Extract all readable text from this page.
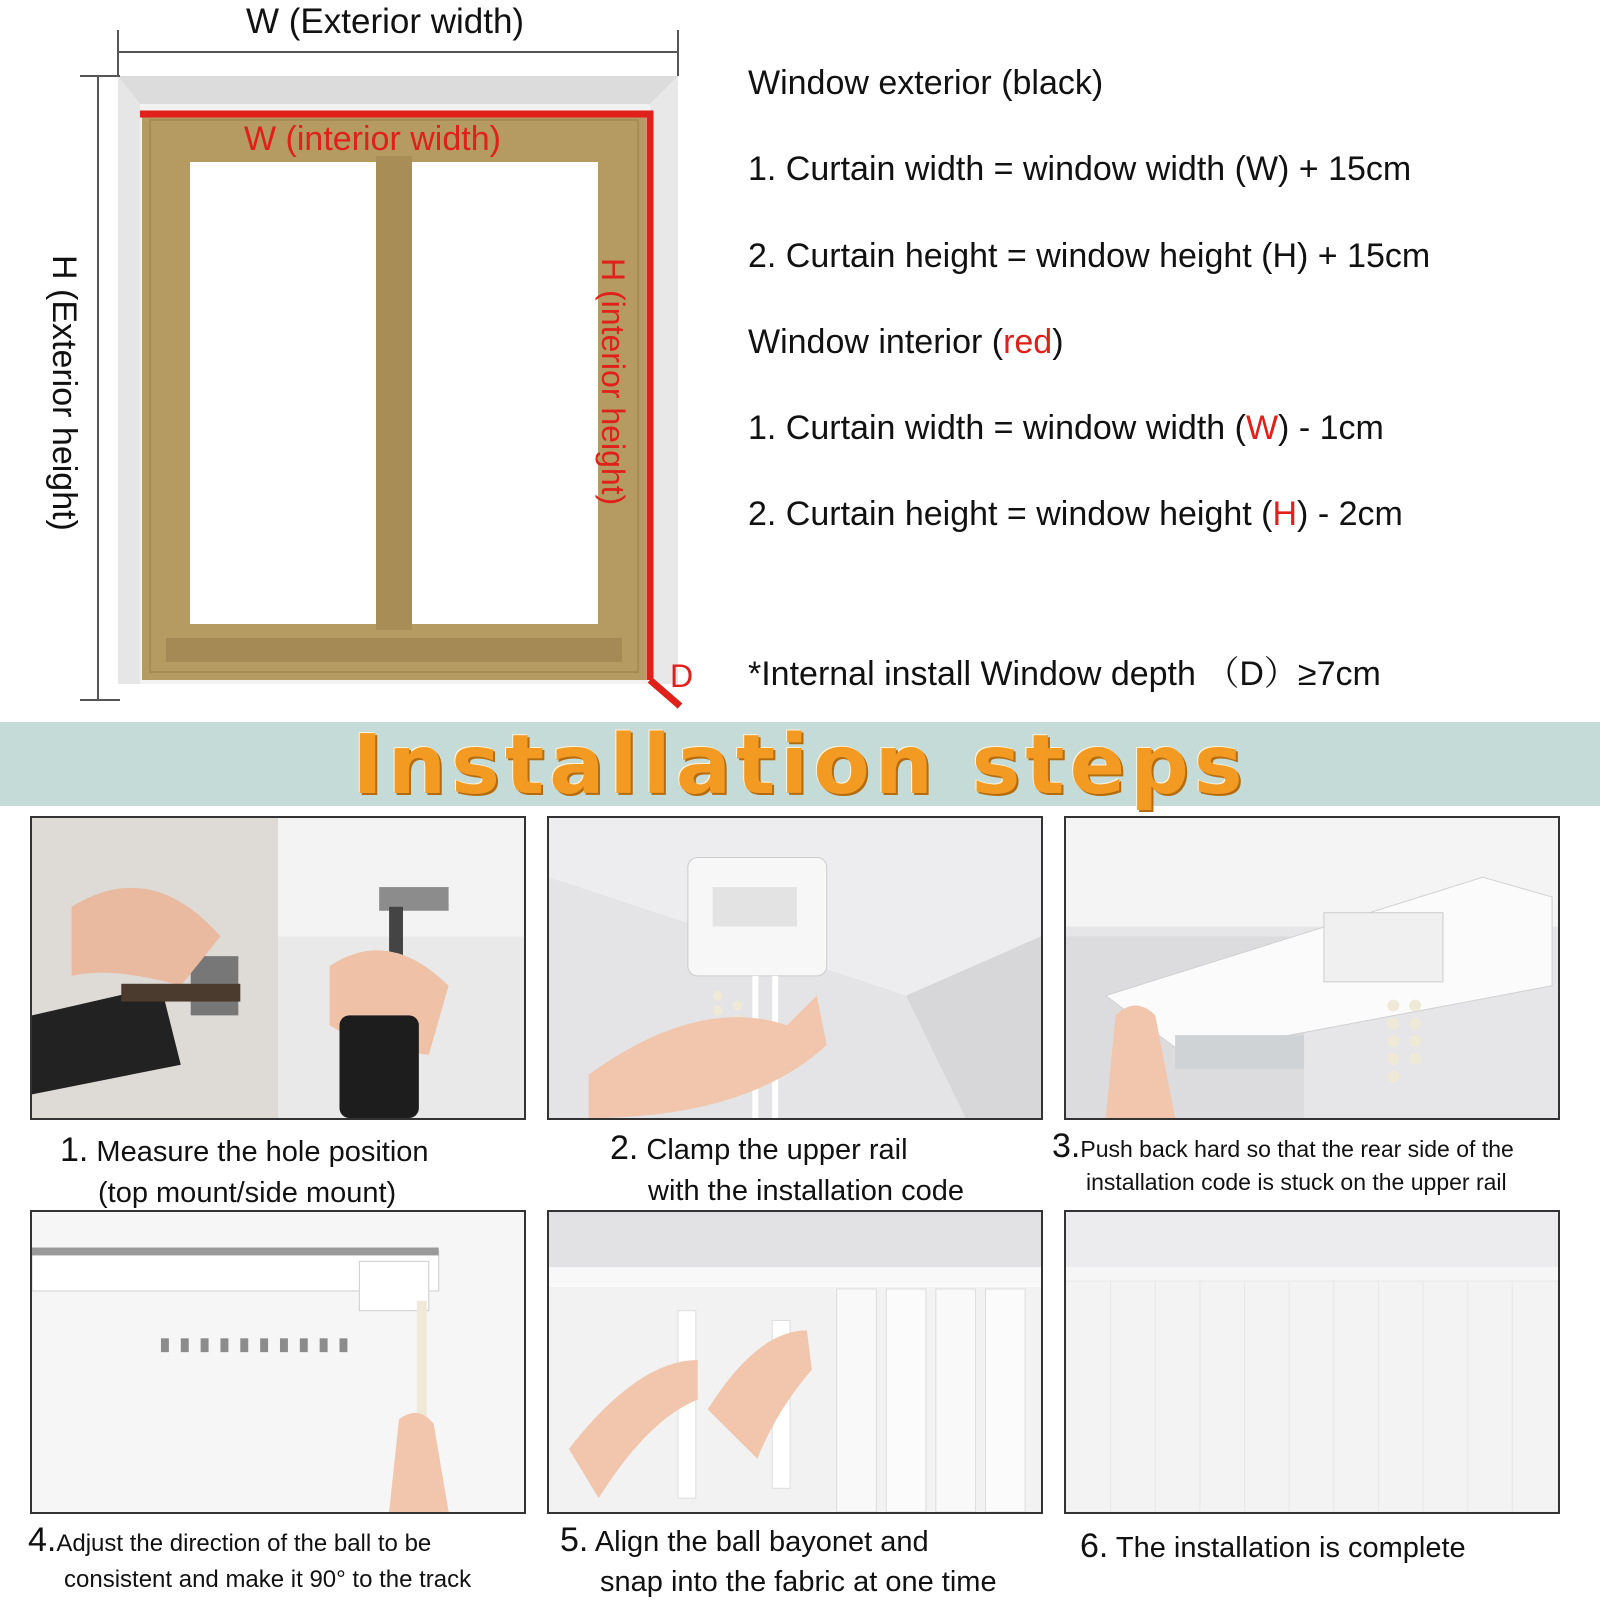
W (Exterior width)
W (interior width)
H (Exterior height)	H (interior height)
D
Window exterior (black)
1. Curtain width = window width (W) + 15cm
2. Curtain height = window height (H) + 15cm
Window interior (red)
1. Curtain width = window width (W) - 1cm
2. Curtain height = window height (H) - 2cm
*Internal install Window depth （D）≥7cm
Installation steps
1. Measure the hole position
(top mount/side mount)
2. Clamp the upper rail
with the installation code
3.Push back hard so that the rear side of the
installation code is stuck on the upper rail
4.Adjust the direction of the ball to be
consistent and make it 90° to the track
5. Align the ball bayonet and
snap into the fabric at one time
6. The installation is complete
